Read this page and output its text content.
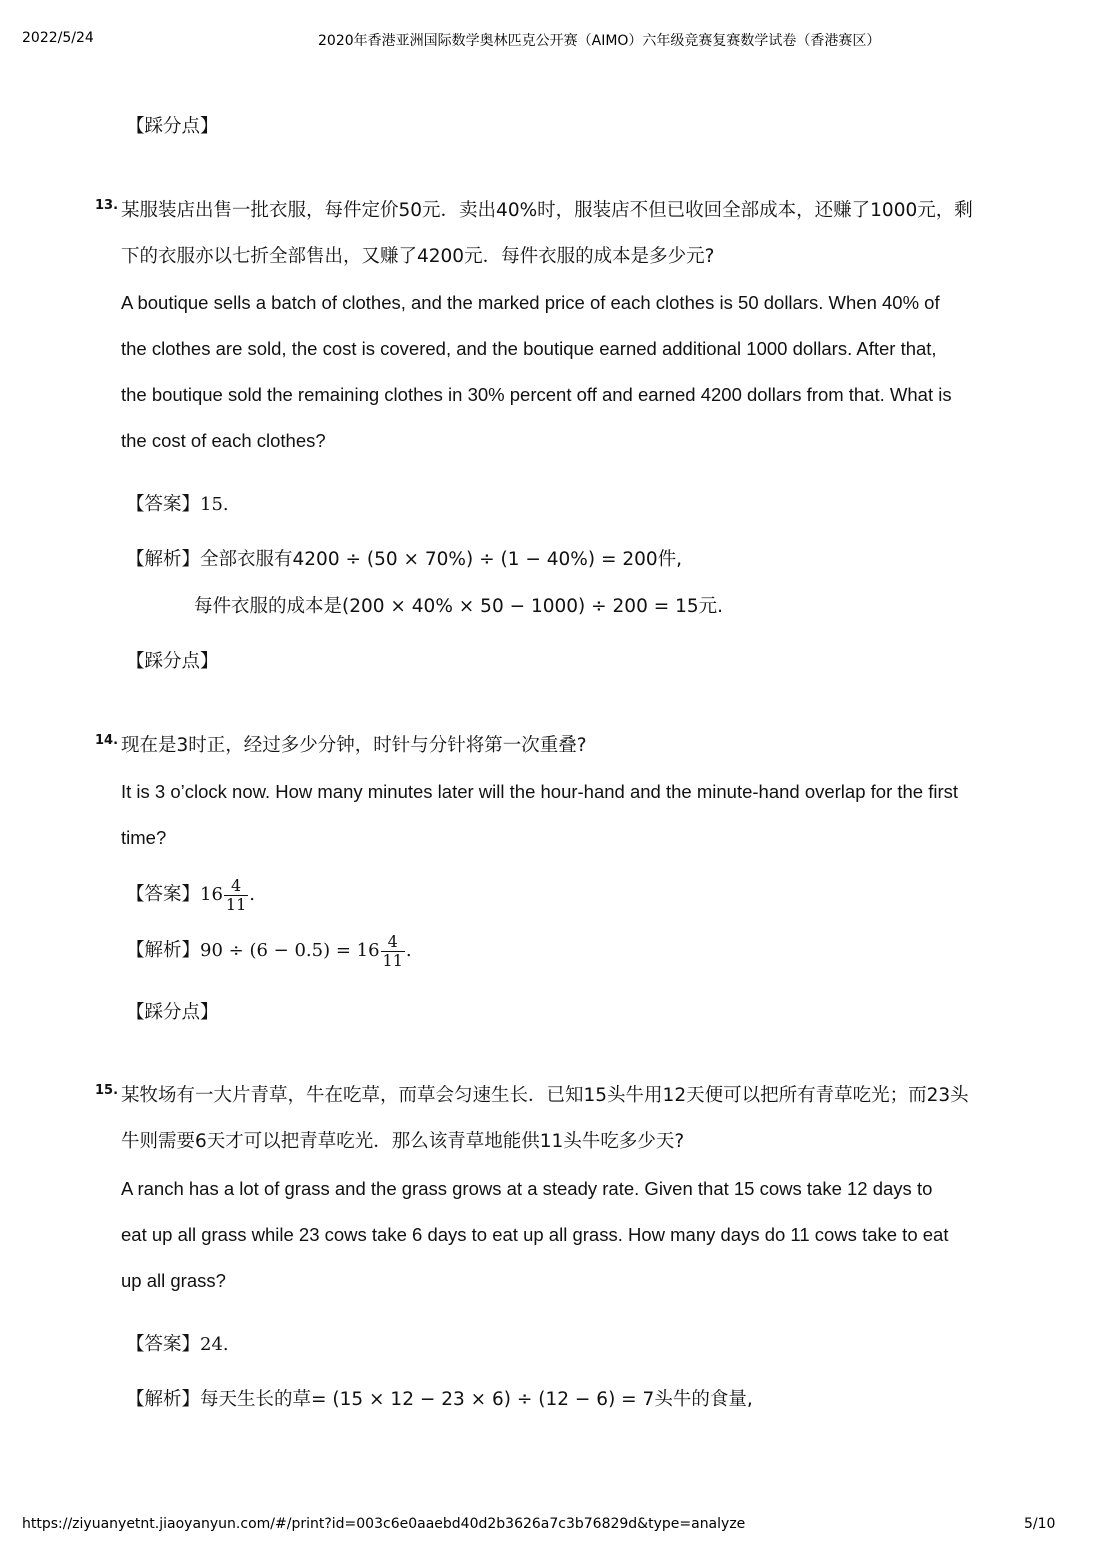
2022/5/24	2020年香港亚洲国际数学奥林匹克公开赛（AIMO）六年级竞赛复赛数学试卷（香港赛区）
【踩分点】
13. 某服装店出售一批衣服，每件定价50元．卖出40%时，服装店不但已收回全部成本，还赚了1000元，剩
下的衣服亦以七折全部售出，又赚了4200元．每件衣服的成本是多少元?
A boutique sells a batch of clothes, and the marked price of each clothes is 50 dollars. When 40% of
the clothes are sold, the cost is covered, and the boutique earned additional 1000 dollars. After that,
the boutique sold the remaining clothes in 30% percent off and earned 4200 dollars from that. What is
the cost of each clothes?
【答案】15.
【解析】全部衣服有4200 ÷ (50 × 70%) ÷ (1 − 40%) = 200件,
每件衣服的成本是(200 × 40% × 50 − 1000) ÷ 200 = 15元.
【踩分点】
14. 现在是3时正，经过多少分钟，时针与分针将第一次重叠?
It is 3 o’clock now. How many minutes later will the hour-hand and the minute-hand overlap for the first
time?
【答案】$16 \frac{4}{11}$ .
【解析】$90 \div (6 - 0.5) = 16 \frac{4}{11}$ .
【踩分点】
15. 某牧场有一大片青草，牛在吃草，而草会匀速生长．已知15头牛用12天便可以把所有青草吃光；而23头
牛则需要6天才可以把青草吃光．那么该青草地能供11头牛吃多少天?
A ranch has a lot of grass and the grass grows at a steady rate. Given that 15 cows take 12 days to
eat up all grass while 23 cows take 6 days to eat up all grass. How many days do 11 cows take to eat
up all grass?
【答案】24.
【解析】每天生长的草= (15 × 12 − 23 × 6) ÷ (12 − 6) = 7头牛的食量,
https://ziyuanyetnt.jiaoyanyun.com/#/print?id=003c6e0aaebd40d2b3626a7c3b76829d&type=analyze	5/10
